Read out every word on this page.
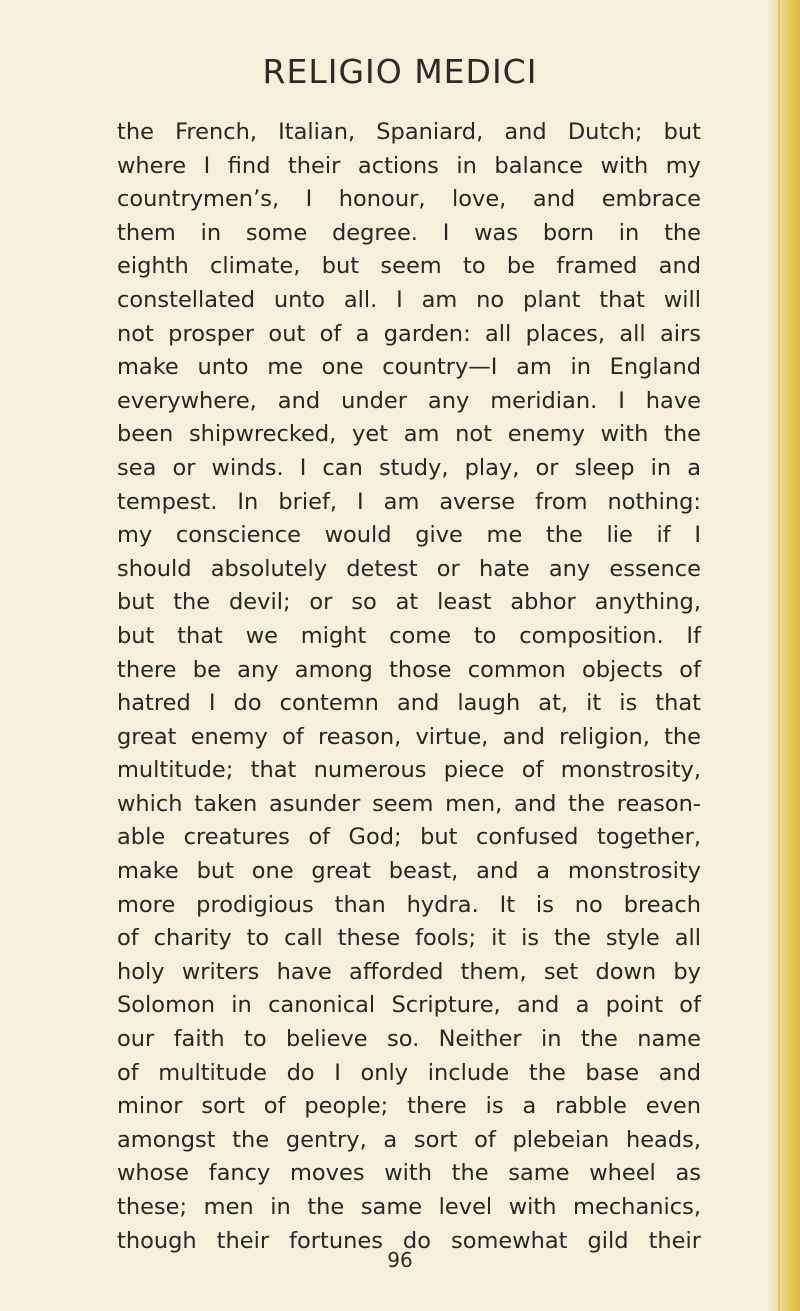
RELIGIO MEDICI
the French, Italian, Spaniard, and Dutch; but
where I find their actions in balance with my
countrymen’s, I honour, love, and embrace
them in some degree. I was born in the
eighth climate, but seem to be framed and
constellated unto all. I am no plant that will
not prosper out of a garden: all places, all airs
make unto me one country—I am in England
everywhere, and under any meridian. I have
been shipwrecked, yet am not enemy with the
sea or winds. I can study, play, or sleep in a
tempest. In brief, I am averse from nothing:
my conscience would give me the lie if I
should absolutely detest or hate any essence
but the devil; or so at least abhor anything,
but that we might come to composition. If
there be any among those common objects of
hatred I do contemn and laugh at, it is that
great enemy of reason, virtue, and religion, the
multitude; that numerous piece of monstrosity,
which taken asunder seem men, and the reason-
able creatures of God; but confused together,
make but one great beast, and a monstrosity
more prodigious than hydra. It is no breach
of charity to call these fools; it is the style all
holy writers have afforded them, set down by
Solomon in canonical Scripture, and a point of
our faith to believe so. Neither in the name
of multitude do I only include the base and
minor sort of people; there is a rabble even
amongst the gentry, a sort of plebeian heads,
whose fancy moves with the same wheel as
these; men in the same level with mechanics,
though their fortunes do somewhat gild their
96
